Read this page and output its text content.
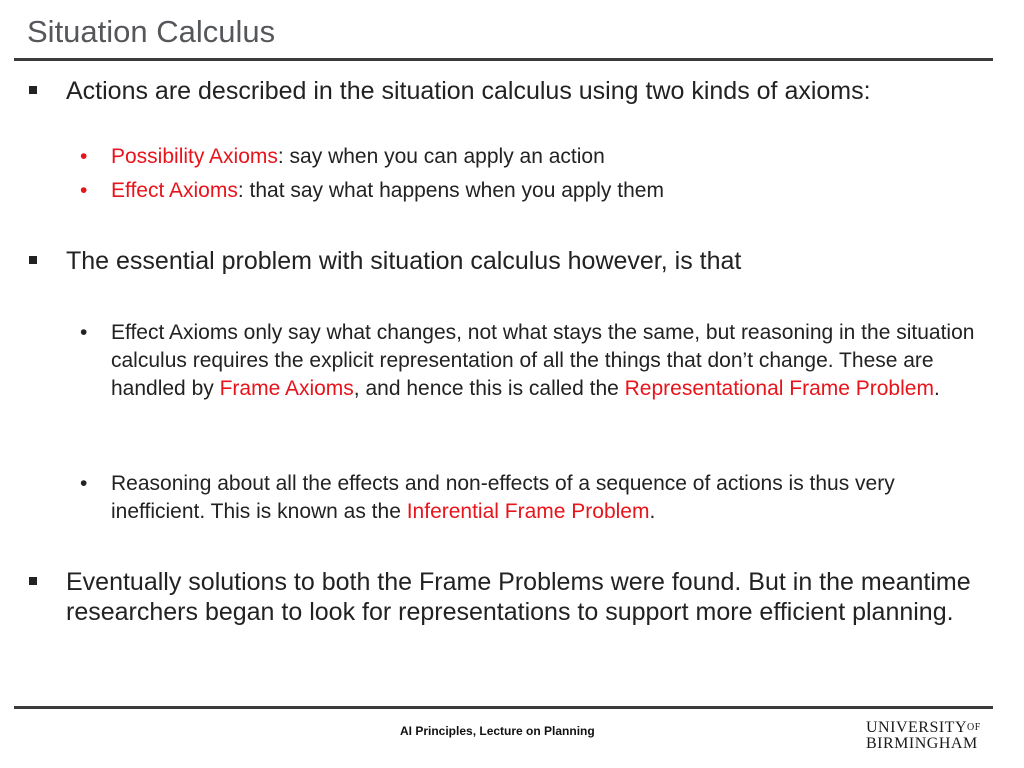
Situation Calculus
Actions are described in the situation calculus using two kinds of axioms:
• Possibility Axioms: say when you can apply an action
• Effect Axioms: that say what happens when you apply them
The essential problem with situation calculus however, is that
• Effect Axioms only say what changes, not what stays the same, but reasoning in the situation calculus requires the explicit representation of all the things that don’t change. These are handled by Frame Axioms, and hence this is called the Representational Frame Problem.
• Reasoning about all the effects and non-effects of a sequence of actions is thus very inefficient. This is known as the Inferential Frame Problem.
Eventually solutions to both the Frame Problems were found. But in the meantime researchers began to look for representations to support more efficient planning.
AI Principles, Lecture on Planning	$UNIVERSITY^{OF}$
BIRMINGHAM
